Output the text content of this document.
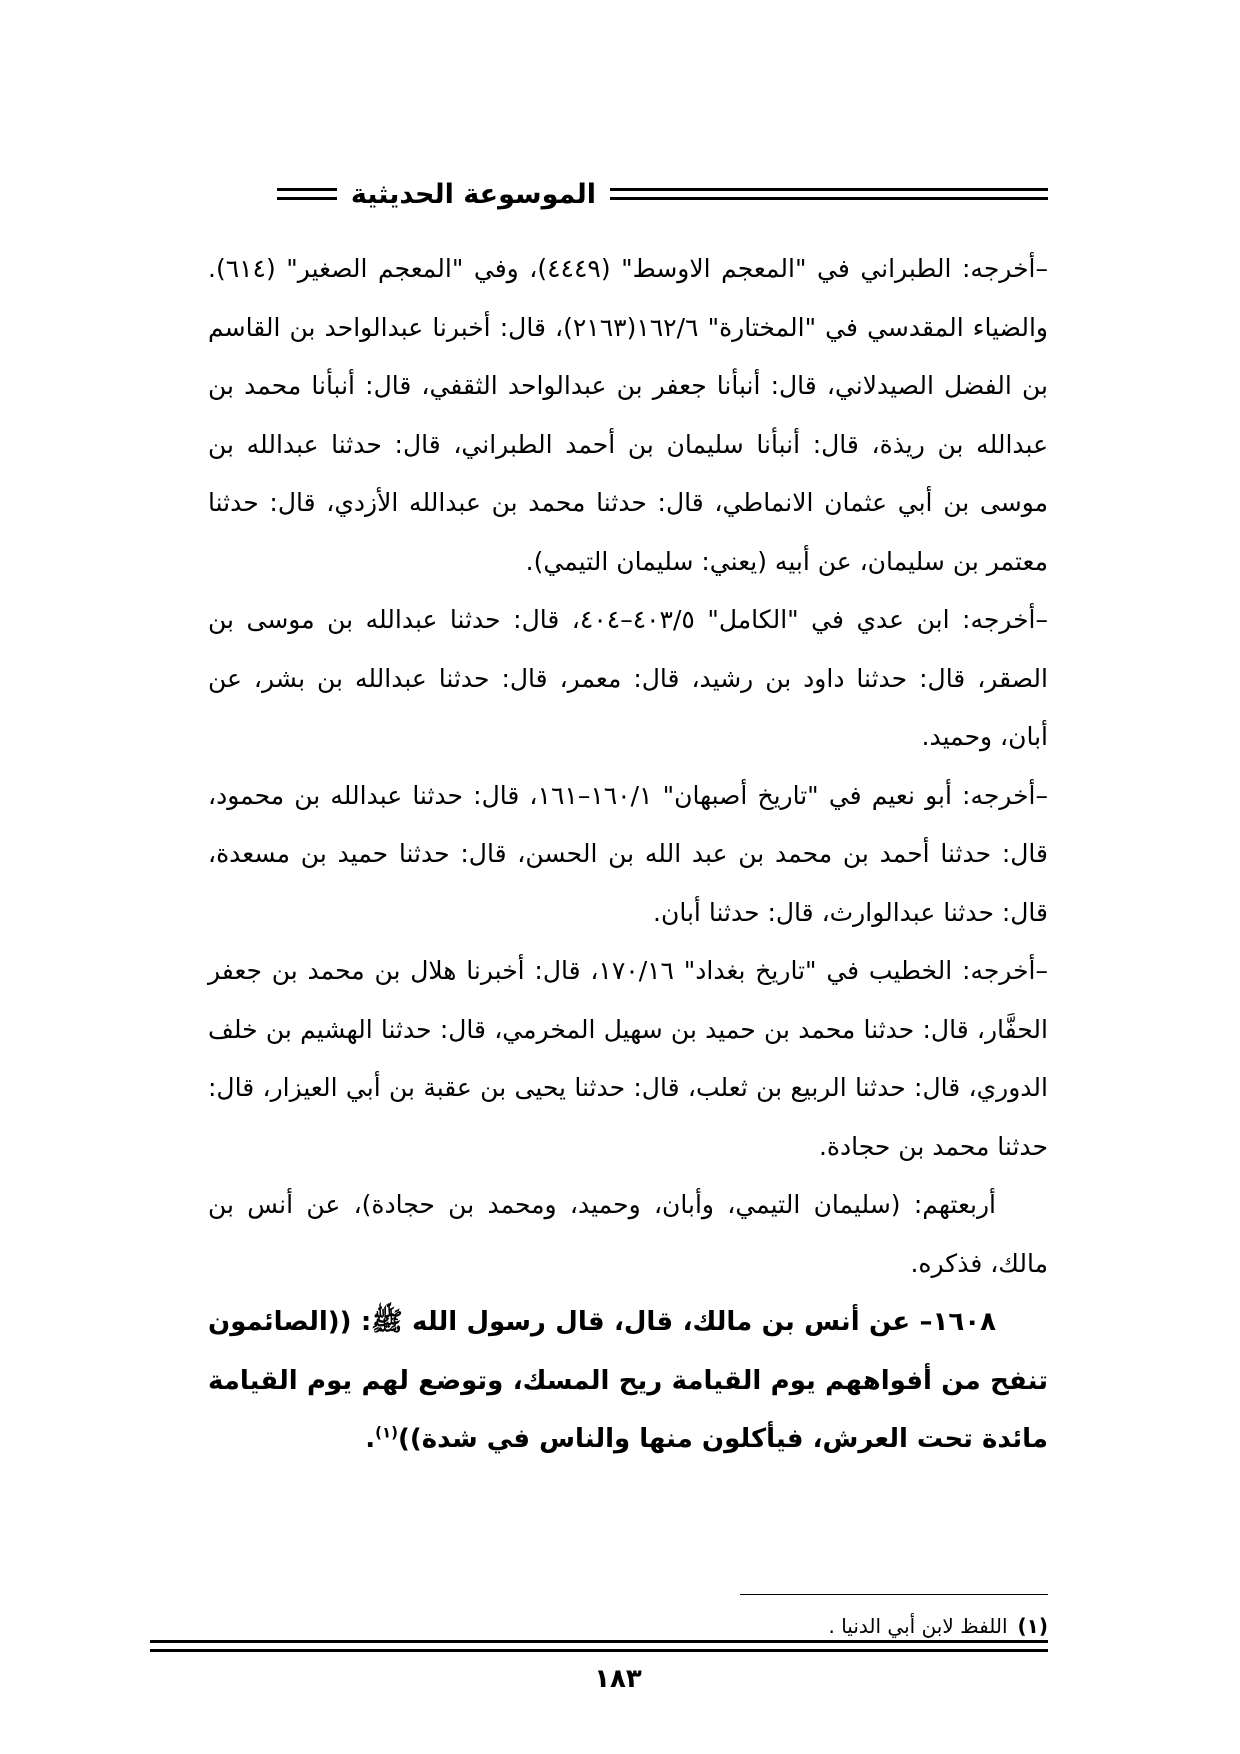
الموسوعة الحديثية

–أخرجه: الطبراني في "المعجم الاوسط" (٤٤٤٩)، وفي "المعجم الصغير" (٦١٤). والضياء المقدسي في "المختارة" ١٦٢/٦(٢١٦٣)، قال: أخبرنا عبدالواحد بن القاسم بن الفضل الصيدلاني، قال: أنبأنا جعفر بن عبدالواحد الثقفي، قال: أنبأنا محمد بن عبدالله بن ريذة، قال: أنبأنا سليمان بن أحمد الطبراني، قال: حدثنا عبدالله بن موسى بن أبي عثمان الانماطي، قال: حدثنا محمد بن عبدالله الأزدي، قال: حدثنا معتمر بن سليمان، عن أبيه (يعني: سليمان التيمي).

–أخرجه: ابن عدي في "الكامل" ٤٠٣/٥–٤٠٤، قال: حدثنا عبدالله بن موسى بن الصقر، قال: حدثنا داود بن رشيد، قال: معمر، قال: حدثنا عبدالله بن بشر، عن أبان، وحميد.

–أخرجه: أبو نعيم في "تاريخ أصبهان" ١٦٠/١–١٦١، قال: حدثنا عبدالله بن محمود، قال: حدثنا أحمد بن محمد بن عبد الله بن الحسن، قال: حدثنا حميد بن مسعدة، قال: حدثنا عبدالوارث، قال: حدثنا أبان.

–أخرجه: الخطيب في "تاريخ بغداد" ١٧٠/١٦، قال: أخبرنا هلال بن محمد بن جعفر الحفَّار، قال: حدثنا محمد بن حميد بن سهيل المخرمي، قال: حدثنا الهشيم بن خلف الدوري، قال: حدثنا الربيع بن ثعلب، قال: حدثنا يحيى بن عقبة بن أبي العيزار، قال: حدثنا محمد بن حجادة.

أربعتهم: (سليمان التيمي، وأبان، وحميد، ومحمد بن حجادة)، عن أنس بن مالك، فذكره.

١٦٠٨– عن أنس بن مالك، قال، قال رسول الله ﷺ: ((الصائمون تنفح من أفواههم يوم القيامة ريح المسك، وتوضع لهم يوم القيامة مائدة تحت العرش، فيأكلون منها والناس في شدة))$^{(١)}$.

(١)اللفظ لابن أبي الدنيا .
١٨٣
